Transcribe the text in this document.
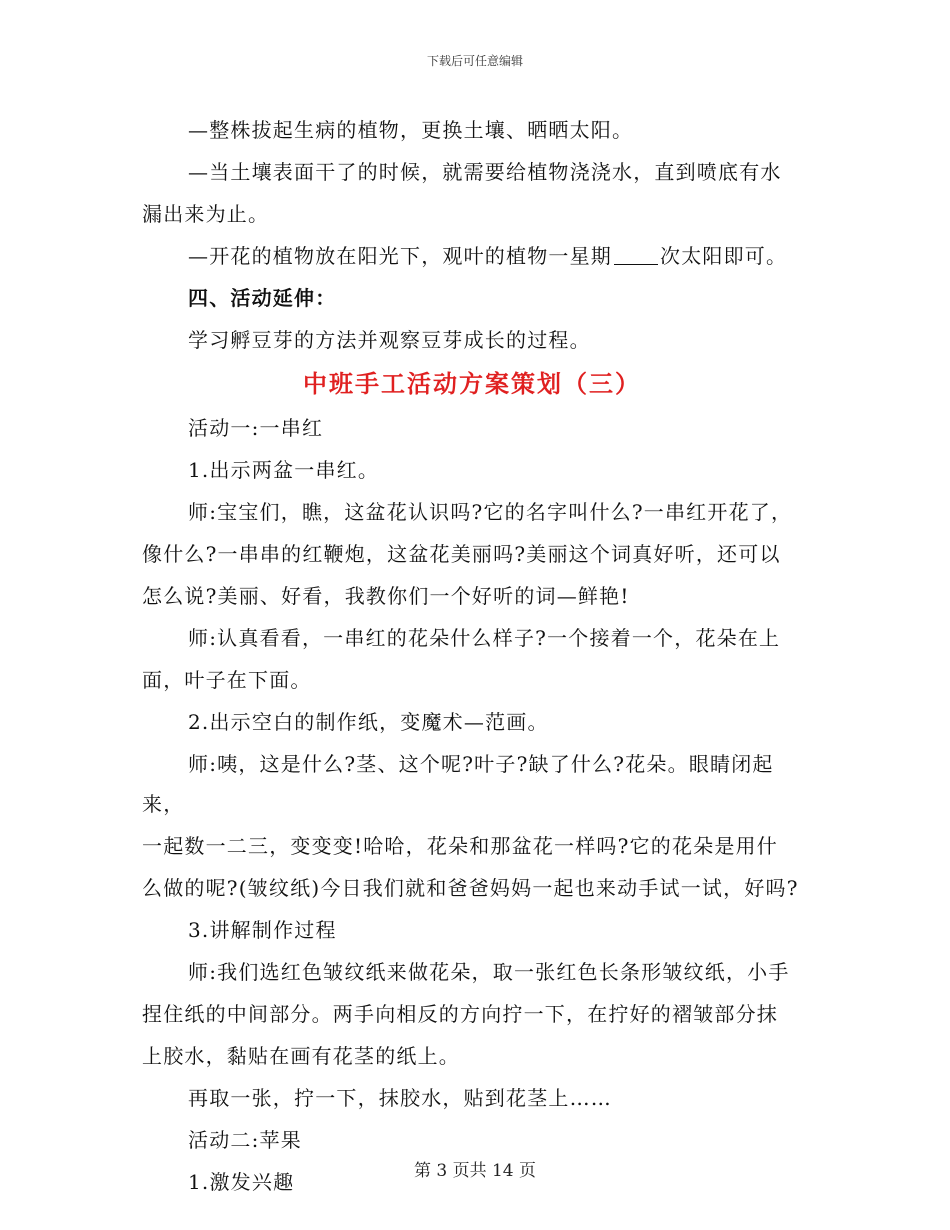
下载后可任意编辑
—整株拔起生病的植物，更换土壤、晒晒太阳。
—当土壤表面干了的时候，就需要给植物浇浇水，直到喷底有水
漏出来为止。
—开花的植物放在阳光下，观叶的植物一星期 次太阳即可。
四、活动延伸：
学习孵豆芽的方法并观察豆芽成长的过程。
中班手工活动方案策划（三）
活动一:一串红
1.出示两盆一串红。
师:宝宝们，瞧，这盆花认识吗?它的名字叫什么?一串红开花了，
像什么?一串串的红鞭炮，这盆花美丽吗?美丽这个词真好听，还可以
怎么说?美丽、好看，我教你们一个好听的词—鲜艳!
师:认真看看，一串红的花朵什么样子?一个接着一个，花朵在上
面，叶子在下面。
2.出示空白的制作纸，变魔术—范画。
师:咦，这是什么?茎、这个呢?叶子?缺了什么?花朵。眼睛闭起来，
一起数一二三，变变变!哈哈，花朵和那盆花一样吗?它的花朵是用什
么做的呢?(皱纹纸)今日我们就和爸爸妈妈一起也来动手试一试，好吗?
3.讲解制作过程
师:我们选红色皱纹纸来做花朵，取一张红色长条形皱纹纸，小手
捏住纸的中间部分。两手向相反的方向拧一下，在拧好的褶皱部分抹
上胶水，黏贴在画有花茎的纸上。
再取一张，拧一下，抹胶水，贴到花茎上……
活动二:苹果
1.激发兴趣	第 3 页共 14 页
